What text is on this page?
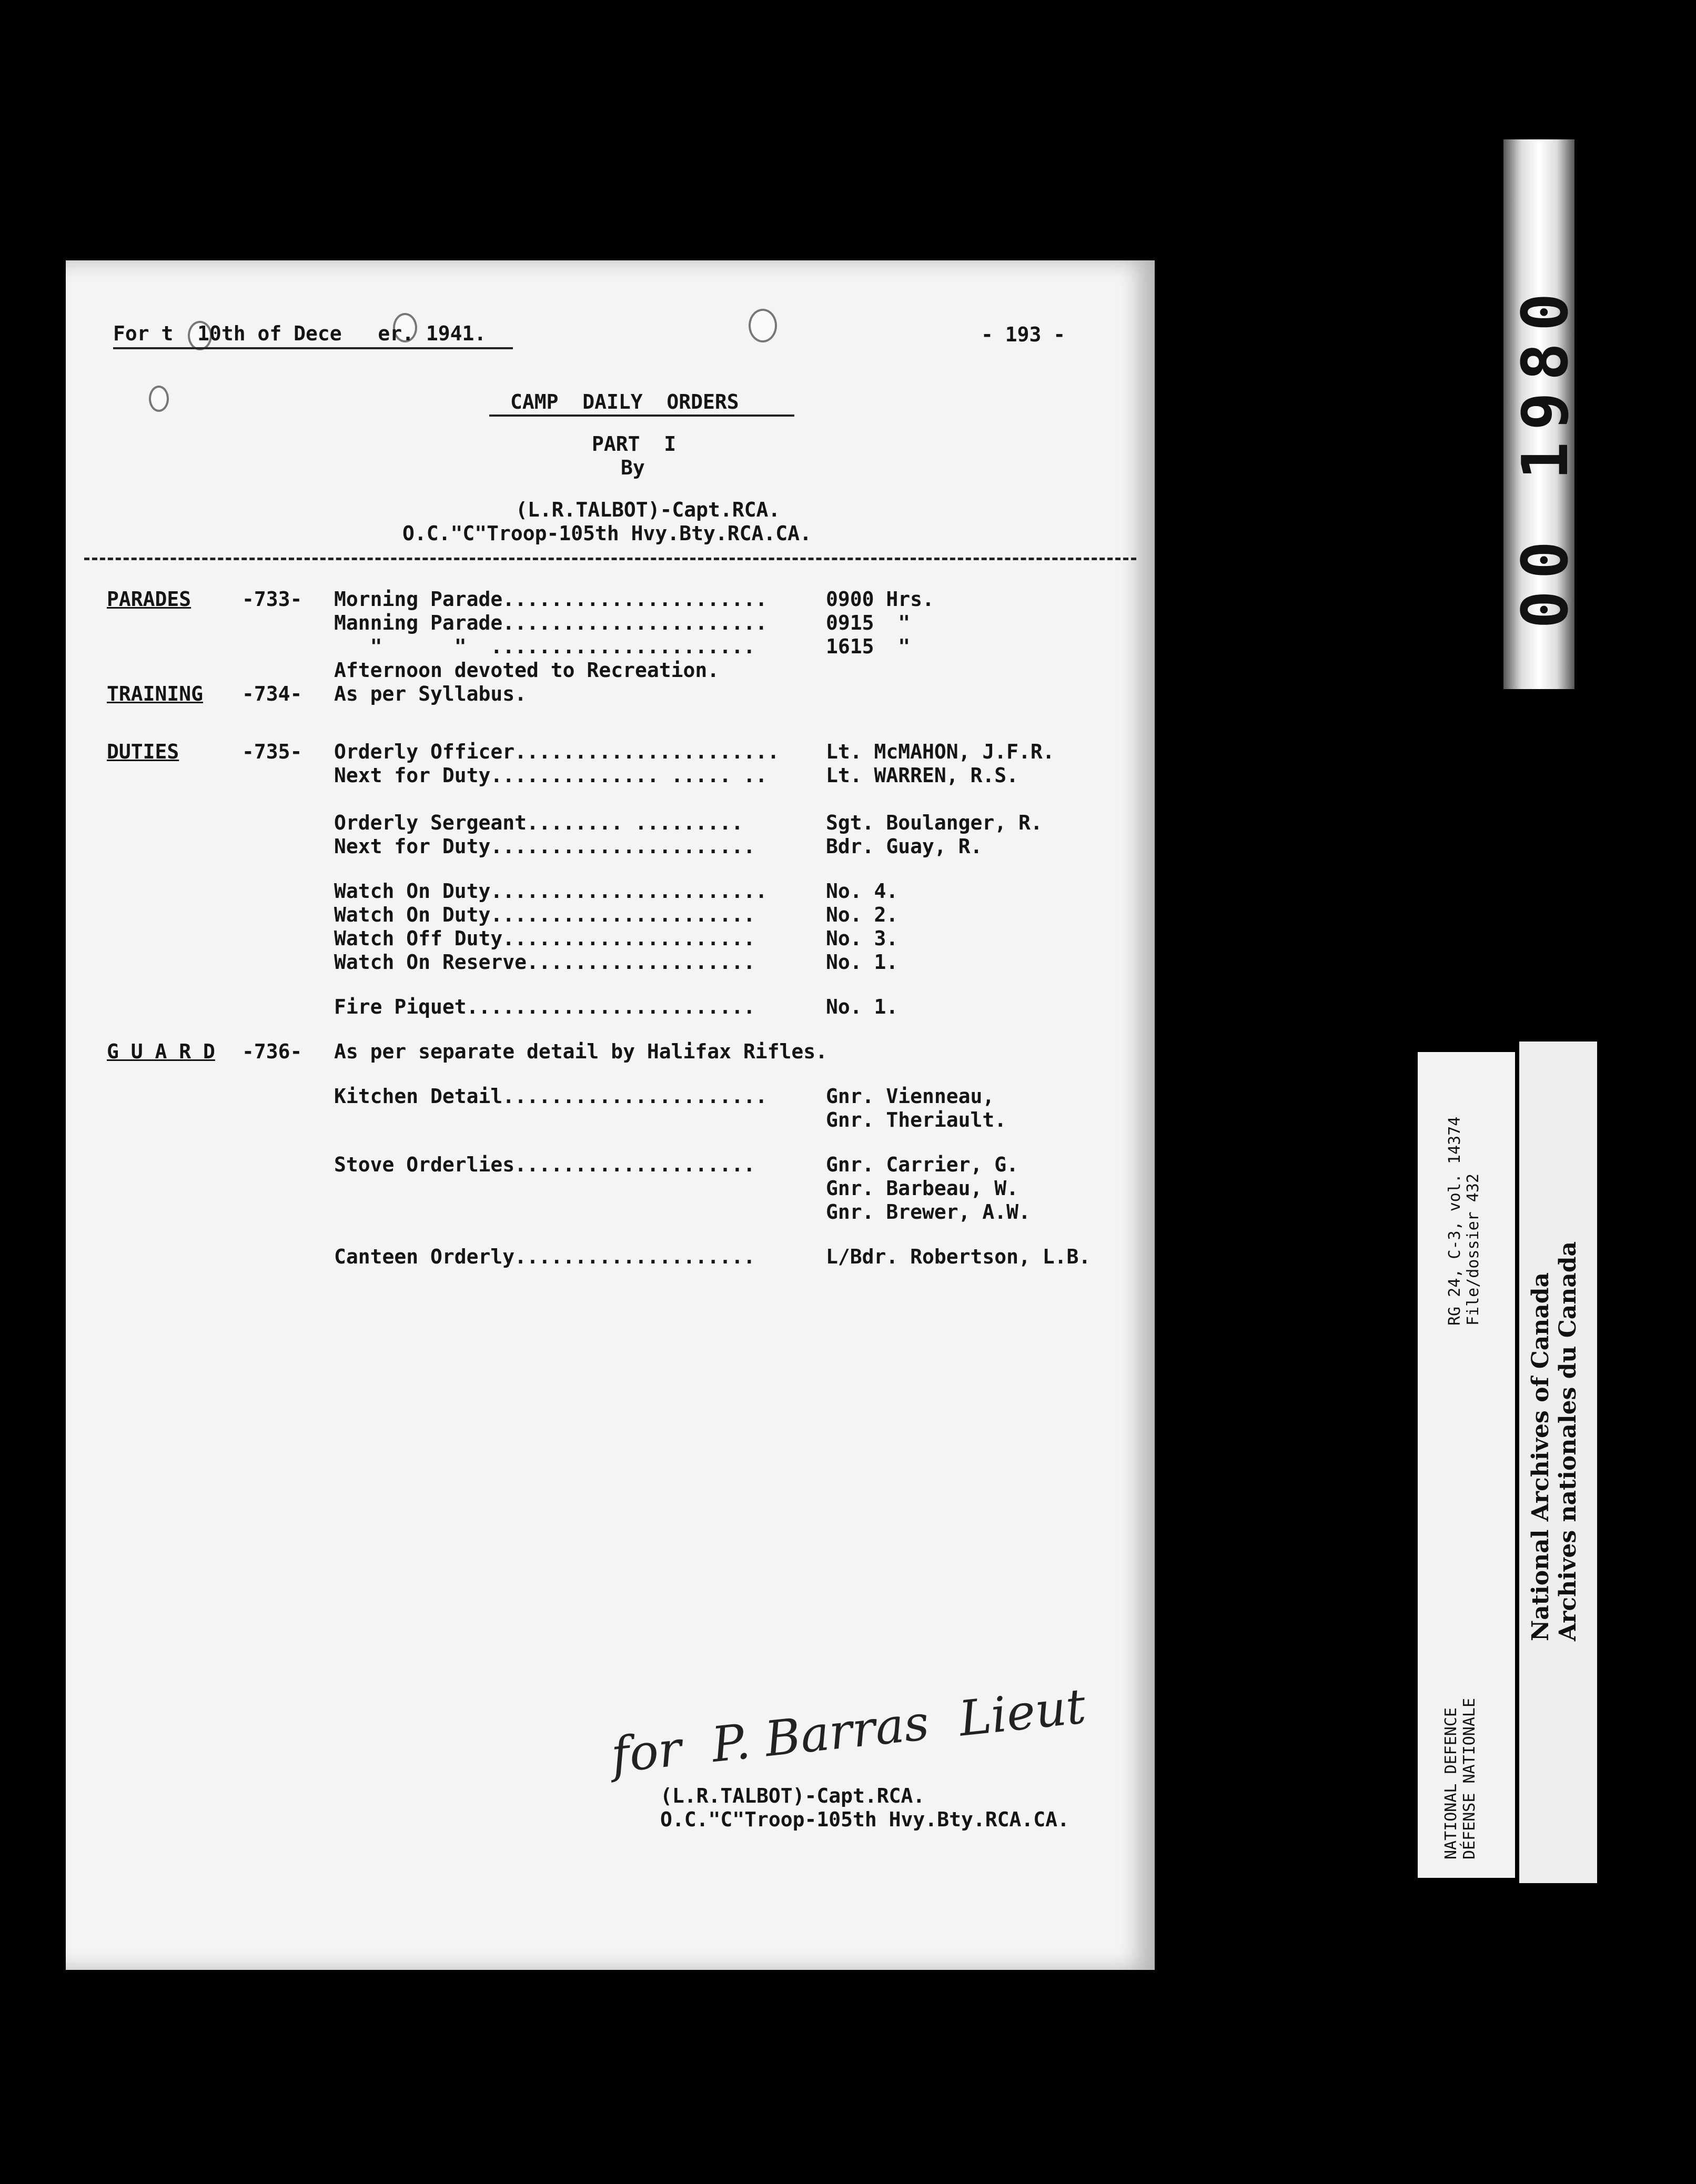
For t  10th of Dece   er. 1941.	- 193 -
CAMP  DAILY  ORDERS
PART  I
By
(L.R.TALBOT)-Capt.RCA.
O.C."C"Troop-105th Hvy.Bty.RCA.CA.
PARADES	-733- Morning Parade......................	0900 Hrs.
Manning Parade......................	0915  "
"      "  ......................	1615  "
Afternoon devoted to Recreation.
TRAINING -734- As per Syllabus.
DUTIES	-735- Orderly Officer...................... Lt. McMAHON, J.F.R.
Next for Duty.............. ..... ..	Lt. WARREN, R.S.
Orderly Sergeant........ .........	Sgt. Boulanger, R.
Next for Duty......................	Bdr. Guay, R.
Watch On Duty.......................	No. 4.
Watch On Duty......................	No. 2.
Watch Off Duty.....................	No. 3.
Watch On Reserve...................	No. 1.
Fire Piquet........................	No. 1.
G U A R D -736- As per separate detail by Halifax Rifles.
Kitchen Detail......................	Gnr. Vienneau,
Gnr. Theriault.
Stove Orderlies....................	Gnr. Carrier, G.
Gnr. Barbeau, W.
Gnr. Brewer, A.W.
Canteen Orderly....................	L/Bdr. Robertson, L.B.
for  P. Barras  Lieut
(L.R.TALBOT)-Capt.RCA.
O.C."C"Troop-105th Hvy.Bty.RCA.CA.
00 1980
NATIONAL DEFENCE DÉFENSE NATIONALE
RG 24, C-3, vol. 14374 File/dossier 432
National Archives of Canada Archives nationales du Canada
